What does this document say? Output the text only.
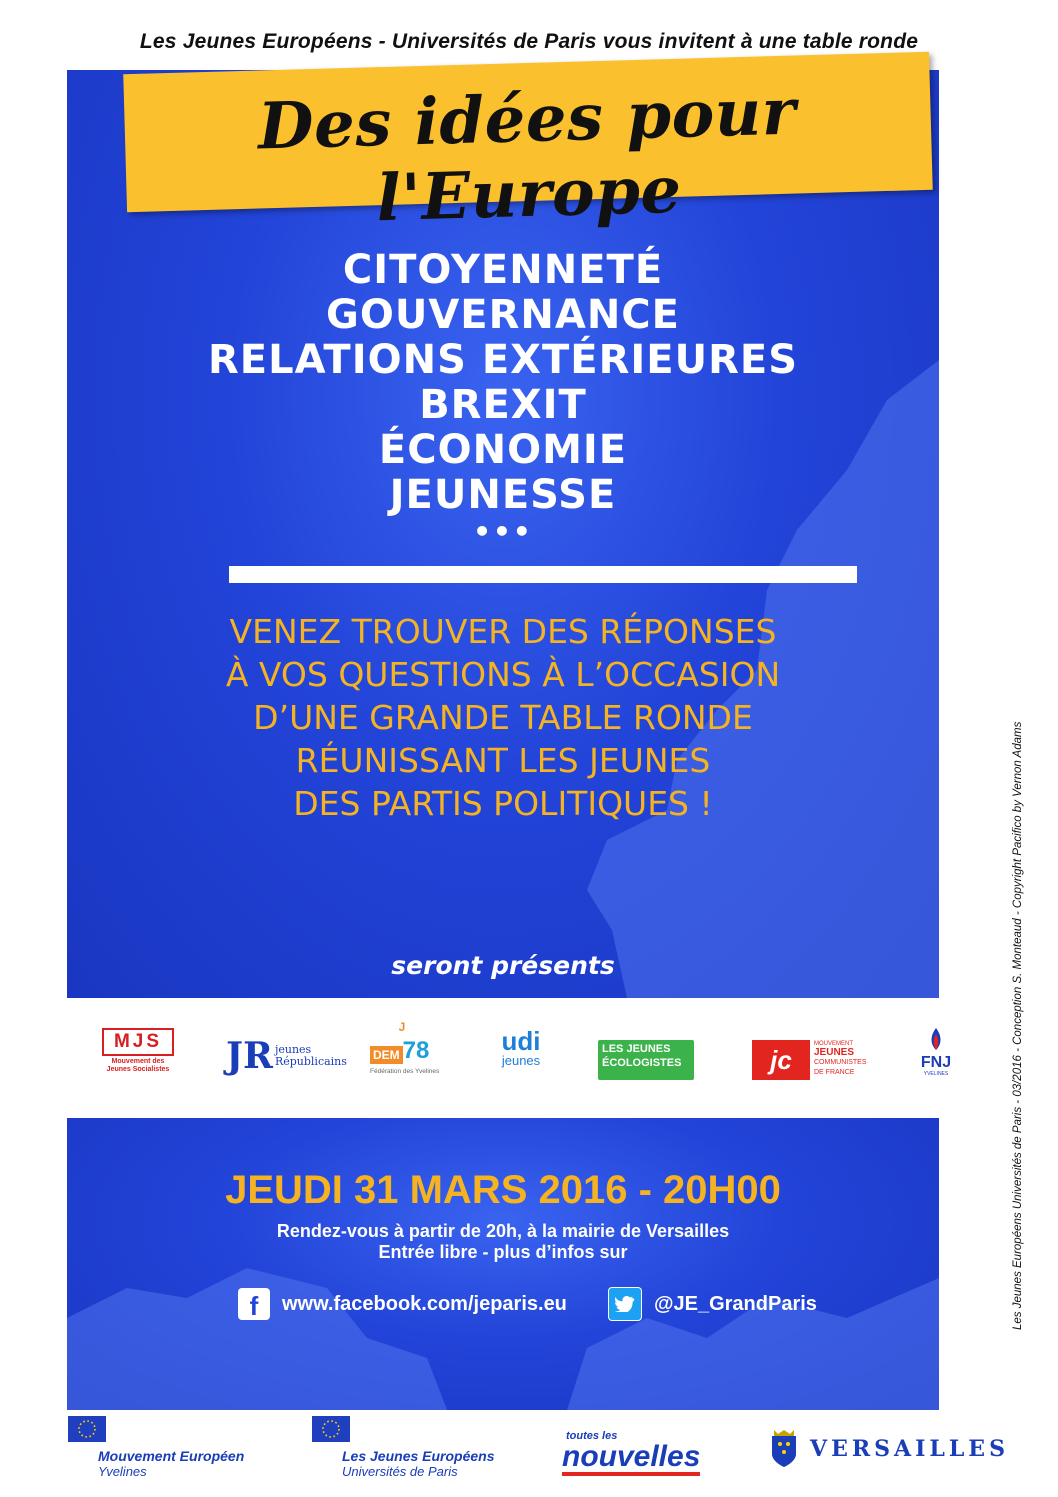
Les Jeunes Européens - Universités de Paris vous invitent à une table ronde
Des idées pour l'Europe
CITOYENNETÉ
GOUVERNANCE
RELATIONS EXTÉRIEURES
BREXIT
ÉCONOMIE
JEUNESSE
•••
VENEZ TROUVER DES RÉPONSES
À VOS QUESTIONS À L’OCCASION
D’UNE GRANDE TABLE RONDE
RÉUNISSANT LES JEUNES
DES PARTIS POLITIQUES !
seront présents
MJS
Mouvement des
Jeunes Socialistes JR jeunes
Républicains DEM
J
78
Fédération des Yvelines
udi
jeunes
LES JEUNES
ÉCOLOGISTES	jc
MOUVEMENT
JEUNES
COMMUNISTES
DE FRANCE
FNJ
YVELINES
JEUDI 31 MARS 2016 - 20H00
Rendez-vous à partir de 20h, à la mairie de Versailles
Entrée libre - plus d’infos sur
f www.facebook.com/jeparis.eu	@JE_GrandParis	Les Jeunes Européens Universités de Paris - 03/2016 - Conception S. Monteaud - Copyright Pacifico by Vernon Adams
Mouvement Européen
Yvelines
Les Jeunes Européens
Universités de Paris
toutes les
nouvelles	VERSAILLES
